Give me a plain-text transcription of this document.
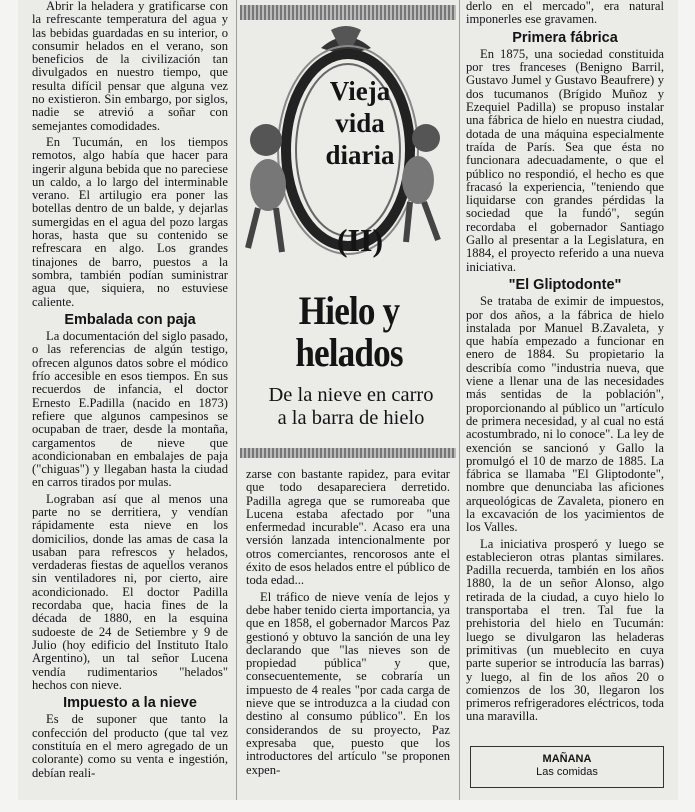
Abrir la heladera y gratificarse con la refrescante temperatura del agua y las bebidas guardadas en su interior, o consumir helados en el verano, son beneficios de la civilización tan divulgados en nuestro tiempo, que resulta difícil pensar que alguna vez no existieron. Sin embargo, por siglos, nadie se atrevió a soñar con semejantes comodidades.

En Tucumán, en los tiempos remotos, algo había que hacer para ingerir alguna bebida que no pareciese un caldo, a lo largo del interminable verano. El artilugio era poner las botellas dentro de un balde, y dejarlas sumergidas en el agua del pozo largas horas, hasta que su contenido se refrescara en algo. Los grandes tinajones de barro, puestos a la sombra, también podían suministrar agua que, siquiera, no estuviese caliente.

Embalada con paja

La documentación del siglo pasado, o las referencias de algún testigo, ofrecen algunos datos sobre el módico frío accesible en esos tiempos. En sus recuerdos de infancia, el doctor Ernesto E.Padilla (nacido en 1873) refiere que algunos campesinos se ocupaban de traer, desde la montaña, cargamentos de nieve que acondicionaban en embalajes de paja ("chiguas") y llegaban hasta la ciudad en carros tirados por mulas.

Lograban así que al menos una parte no se derritiera, y vendían rápidamente esta nieve en los domicilios, donde las amas de casa la usaban para refrescos y helados, verdaderas fiestas de aquellos veranos sin ventiladores ni, por cierto, aire acondicionado. El doctor Padilla recordaba que, hacia fines de la década de 1880, en la esquina sudoeste de 24 de Setiembre y 9 de Julio (hoy edificio del Instituto Italo Argentino), un tal señor Lucena vendía rudimentarios "helados" hechos con nieve.

Impuesto a la nieve

Es de suponer que tanto la confección del producto (que tal vez constituía en el mero agregado de un colorante) como su venta e ingestión, debían reali-

Vieja
vida
diaria
(II)
Hielo y
helados
De la nieve en carro
a la barra de hielo

zarse con bastante rapidez, para evitar que todo desapareciera derretido. Padilla agrega que se rumoreaba que Lucena estaba afectado por "una enfermedad incurable". Acaso era una versión lanzada intencionalmente por otros comerciantes, rencorosos ante el éxito de esos helados entre el público de toda edad...

El tráfico de nieve venía de lejos y debe haber tenido cierta importancia, ya que en 1858, el gobernador Marcos Paz gestionó y obtuvo la sanción de una ley declarando que "las nieves son de propiedad pública" y que, consecuentemente, se cobraría un impuesto de 4 reales "por cada carga de nieve que se introduzca a la ciudad con destino al consumo público". En los considerandos de su proyecto, Paz expresaba que, puesto que los introductores del artículo "se proponen expen-

derlo en el mercado", era natural imponerles ese gravamen.

Primera fábrica

En 1875, una sociedad constituida por tres franceses (Benigno Barril, Gustavo Jumel y Gustavo Beaufrere) y dos tucumanos (Brígido Muñoz y Ezequiel Padilla) se propuso instalar una fábrica de hielo en nuestra ciudad, dotada de una máquina especialmente traída de París. Sea que ésta no funcionara adecuadamente, o que el público no respondió, el hecho es que fracasó la experiencia, "teniendo que liquidarse con grandes pérdidas la sociedad que la fundó", según recordaba el gobernador Santiago Gallo al presentar a la Legislatura, en 1884, el proyecto referido a una nueva iniciativa.

"El Gliptodonte"

Se trataba de eximir de impuestos, por dos años, a la fábrica de hielo instalada por Manuel B.Zavaleta, y que había empezado a funcionar en enero de 1884. Su propietario la describía como "industria nueva, que viene a llenar una de las necesidades más sentidas de la población", proporcionando al público un "artículo de primera necesidad, y al cual no está acostumbrado, ni lo conoce". La ley de exención se sancionó y Gallo la promulgó el 10 de marzo de 1885. La fábrica se llamaba "El Gliptodonte", nombre que denunciaba las aficiones arqueológicas de Zavaleta, pionero en la excavación de los yacimientos de los Valles.

La iniciativa prosperó y luego se establecieron otras plantas similares. Padilla recuerda, también en los años 1880, la de un señor Alonso, algo retirada de la ciudad, a cuyo hielo lo transportaba el tren. Tal fue la prehistoria del hielo en Tucumán: luego se divulgaron las heladeras primitivas (un mueblecito en cuya parte superior se introducía las barras) y luego, al fin de los años 20 o comienzos de los 30, llegaron los primeros refrigeradores eléctricos, toda una maravilla.

MAÑANA
Las comidas
